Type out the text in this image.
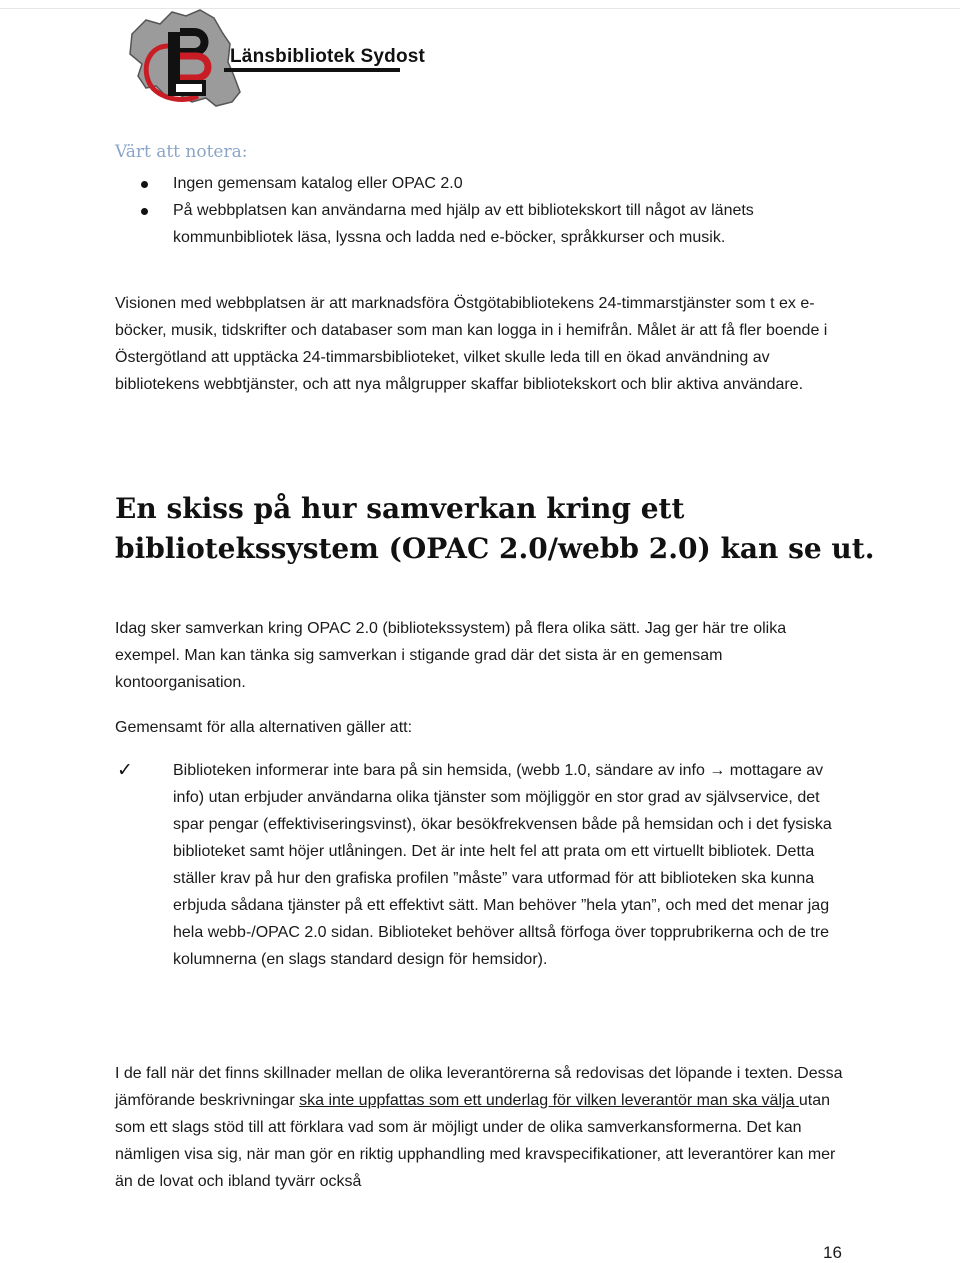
Länsbibliotek Sydost
Värt att notera:
Ingen gemensam katalog eller OPAC 2.0
På webbplatsen kan användarna med hjälp av ett bibliotekskort till något av länets kommunbibliotek läsa, lyssna och ladda ned e-böcker, språkkurser och musik.

Visionen med webbplatsen är att marknadsföra Östgötabibliotekens 24-timmarstjänster som t ex e-böcker, musik, tidskrifter och databaser som man kan logga in i hemifrån. Målet är att få fler boende i Östergötland att upptäcka 24-timmarsbiblioteket, vilket skulle leda till en ökad användning av bibliotekens webbtjänster, och att nya målgrupper skaffar bibliotekskort och blir aktiva användare.

En skiss på hur samverkan kring ett bibliotekssystem (OPAC 2.0/webb 2.0) kan se ut.

Idag sker samverkan kring OPAC 2.0 (bibliotekssystem) på flera olika sätt. Jag ger här tre olika exempel. Man kan tänka sig samverkan i stigande grad där det sista är en gemensam kontoorganisation.

Gemensamt för alla alternativen gäller att:

✓	Biblioteken informerar inte bara på sin hemsida, (webb 1.0, sändare av info → mottagare av info) utan erbjuder användarna olika tjänster som möjliggör en stor grad av självservice, det spar pengar (effektiviseringsvinst), ökar besökfrekvensen både på hemsidan och i det fysiska biblioteket samt höjer utlåningen. Det är inte helt fel att prata om ett virtuellt bibliotek. Detta ställer krav på hur den grafiska profilen ”måste” vara utformad för att biblioteken ska kunna erbjuda sådana tjänster på ett effektivt sätt. Man behöver ”hela ytan”, och med det menar jag hela webb-/OPAC 2.0 sidan. Biblioteket behöver alltså förfoga över topprubrikerna och de tre kolumnerna (en slags standard design för hemsidor).

I de fall när det finns skillnader mellan de olika leverantörerna så redovisas det löpande i texten. Dessa jämförande beskrivningar ska inte uppfattas som ett underlag för vilken leverantör man ska välja utan som ett slags stöd till att förklara vad som är möjligt under de olika samverkansformerna. Det kan nämligen visa sig, när man gör en riktig upphandling med kravspecifikationer, att leverantörer kan mer än de lovat och ibland tyvärr också

16
